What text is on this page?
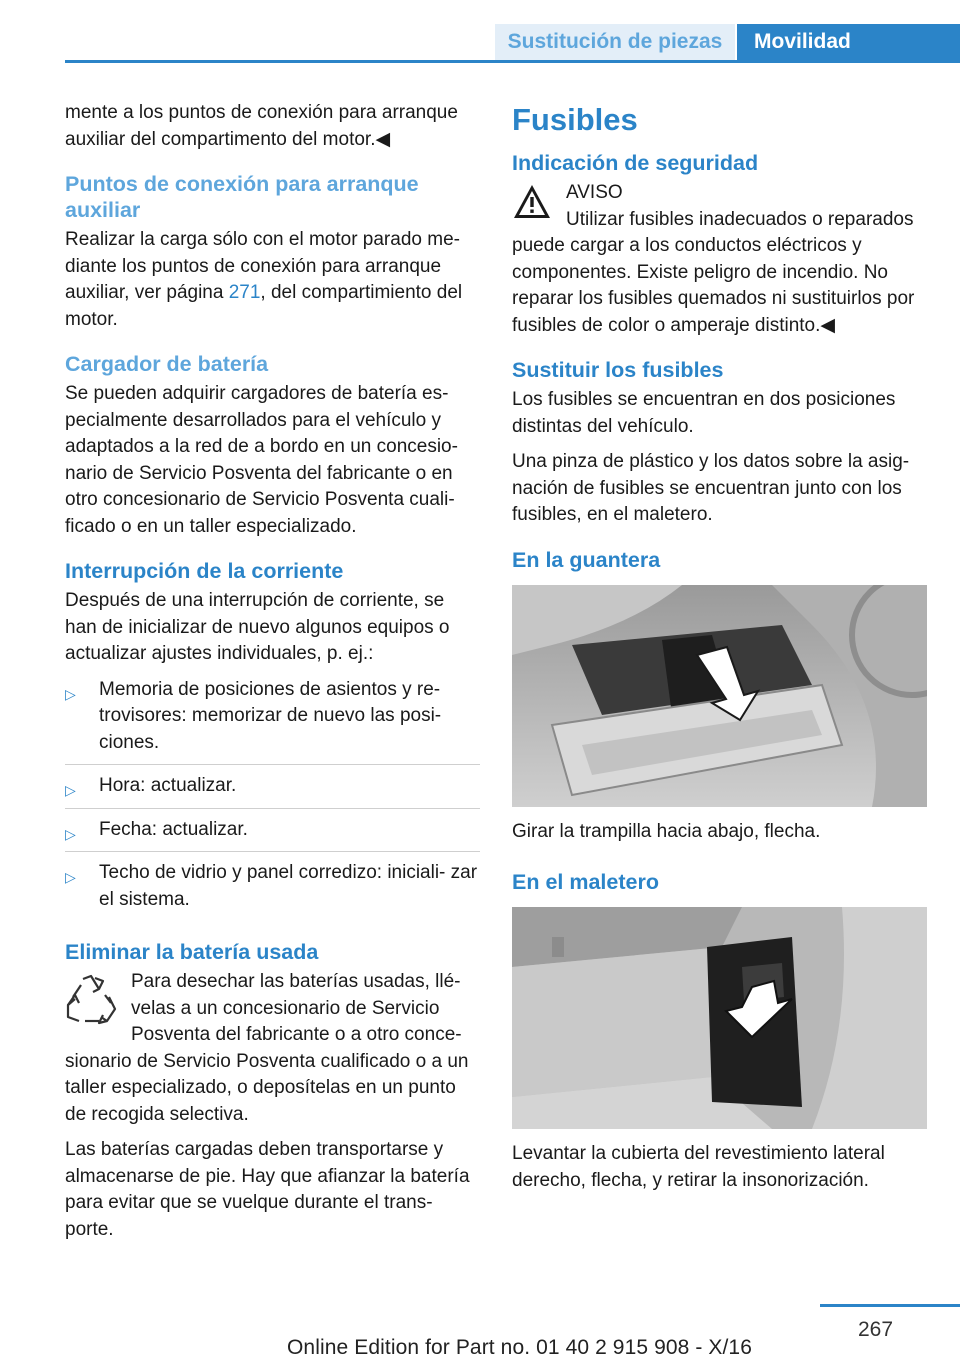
Sustitución de piezas	Movilidad

mente a los puntos de conexión para arranque auxiliar del compartimento del motor.◀

Puntos de conexión para arranque auxiliar

Realizar la carga sólo con el motor parado me‐ diante los puntos de conexión para arranque auxiliar, ver página 271, del compartimiento del motor.

Cargador de batería

Se pueden adquirir cargadores de batería es‐ pecialmente desarrollados para el vehículo y adaptados a la red de a bordo en un concesio‐ nario de Servicio Posventa del fabricante o en otro concesionario de Servicio Posventa cuali‐ ficado o en un taller especializado.

Interrupción de la corriente

Después de una interrupción de corriente, se han de inicializar de nuevo algunos equipos o actualizar ajustes individuales, p. ej.:

▷ Memoria de posiciones de asientos y re‐ trovisores: memorizar de nuevo las posi‐ ciones.
▷ Hora: actualizar.
▷ Fecha: actualizar.
▷ Techo de vidrio y panel corredizo: iniciali‐ zar el sistema.
Eliminar la batería usada

Para desechar las baterías usadas, llé‐ velas a un concesionario de Servicio Posventa del fabricante o a otro conce‐ sionario de Servicio Posventa cualificado o a un taller especializado, o deposítelas en un punto de recogida selectiva.

Las baterías cargadas deben transportarse y almacenarse de pie. Hay que afianzar la batería para evitar que se vuelque durante el trans‐ porte.

Fusibles
Indicación de seguridad

AVISO

Utilizar fusibles inadecuados o reparados puede cargar a los conductos eléctricos y componentes. Existe peligro de incendio. No reparar los fusibles quemados ni sustituirlos por fusibles de color o amperaje distinto.◀

Sustituir los fusibles

Los fusibles se encuentran en dos posiciones distintas del vehículo.

Una pinza de plástico y los datos sobre la asig‐ nación de fusibles se encuentran junto con los fusibles, en el maletero.

En la guantera

Girar la trampilla hacia abajo, flecha.

En el maletero

Levantar la cubierta del revestimiento lateral derecho, flecha, y retirar la insonorización.

267
Online Edition for Part no. 01 40 2 915 908 - X/16
